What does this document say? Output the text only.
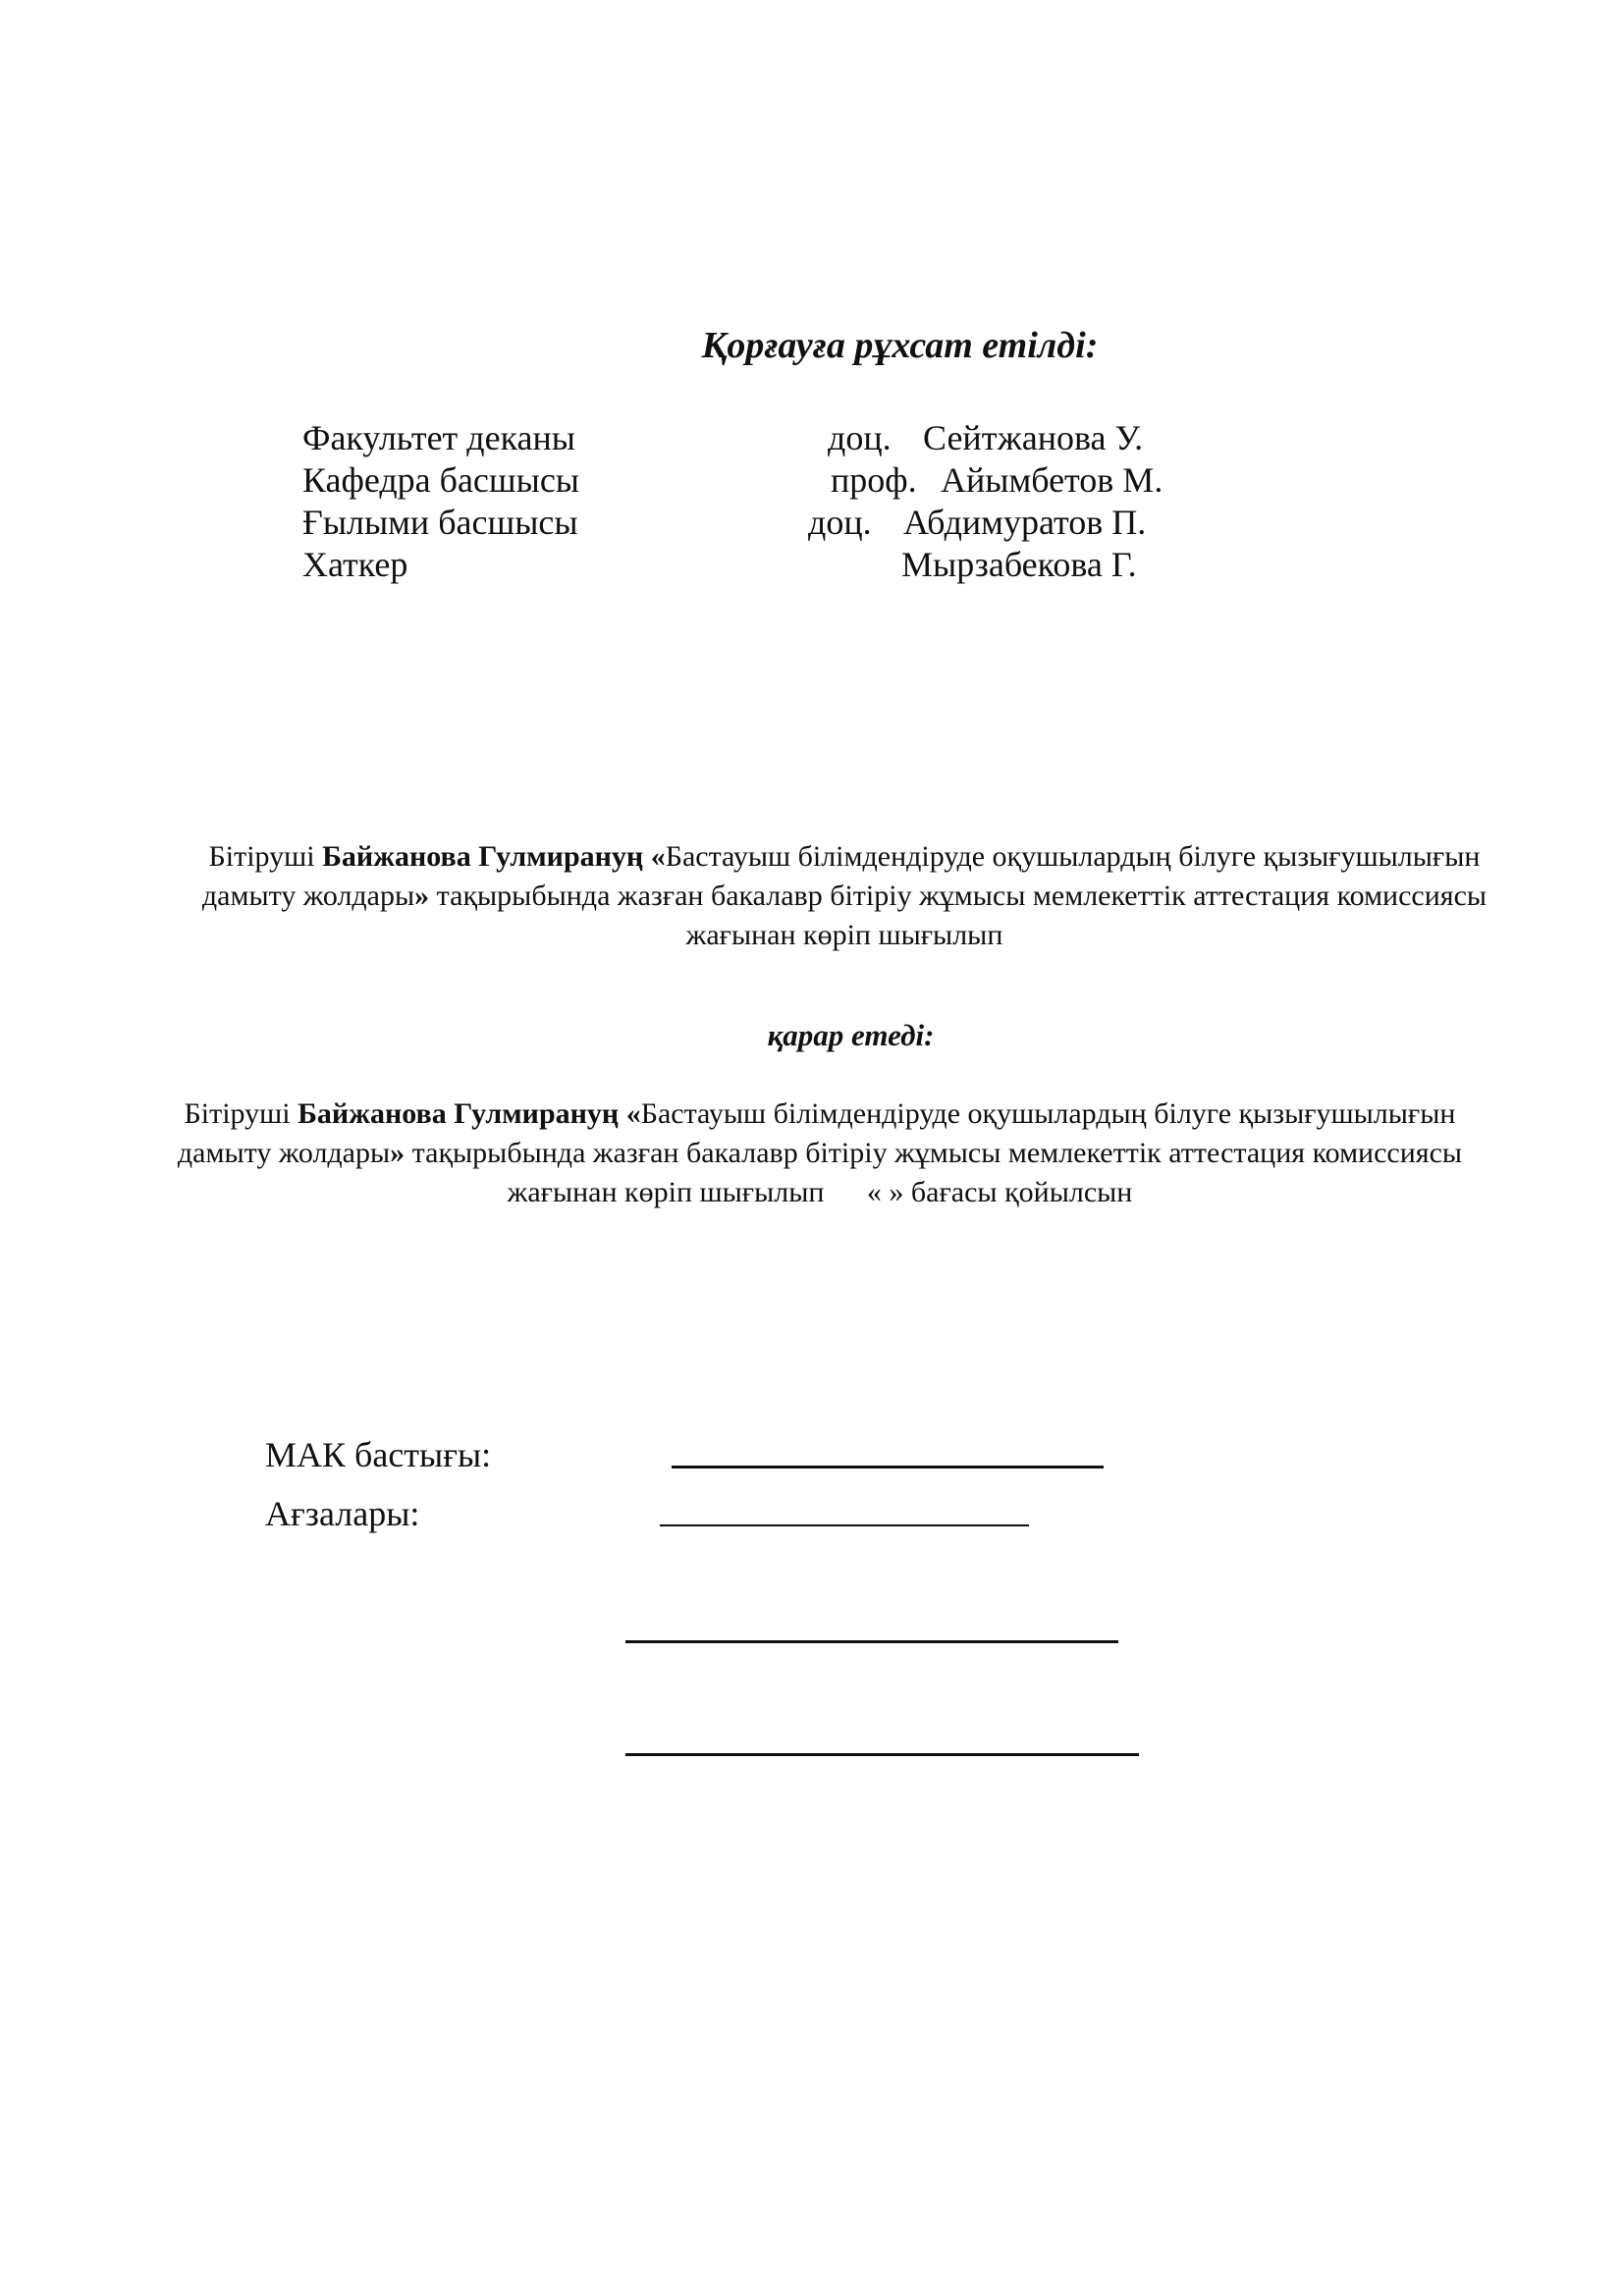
Қорғауға рұхсат етілді:
Факультет деканы	доц. Сейтжанова У.
Кафедра басшысы	проф. Айымбетов М.
Ғылыми басшысы	доц. Абдимуратов П.
Хаткер	Мырзабекова Г.
Бітіруші Байжанова Гулмиранyң «Бастауыш білімдендіруде оқушылардың білуге қызығушылығын дамыту жолдары» тақырыбында жазған бакалавр бітіріу жұмысы мемлекеттік аттестация комиссиясы жағынан көріп шығылып
қарар етеді:
Бітіруші Байжанова Гулмиранyң «Бастауыш білімдендіруде оқушылардың білуге қызығушылығын дамыту жолдары» тақырыбында жазған бакалавр бітіріу жұмысы мемлекеттік аттестация комиссиясы жағынан көріп шығылып « » бағасы қойылсын
МАК бастығы:
Ағзалары:
